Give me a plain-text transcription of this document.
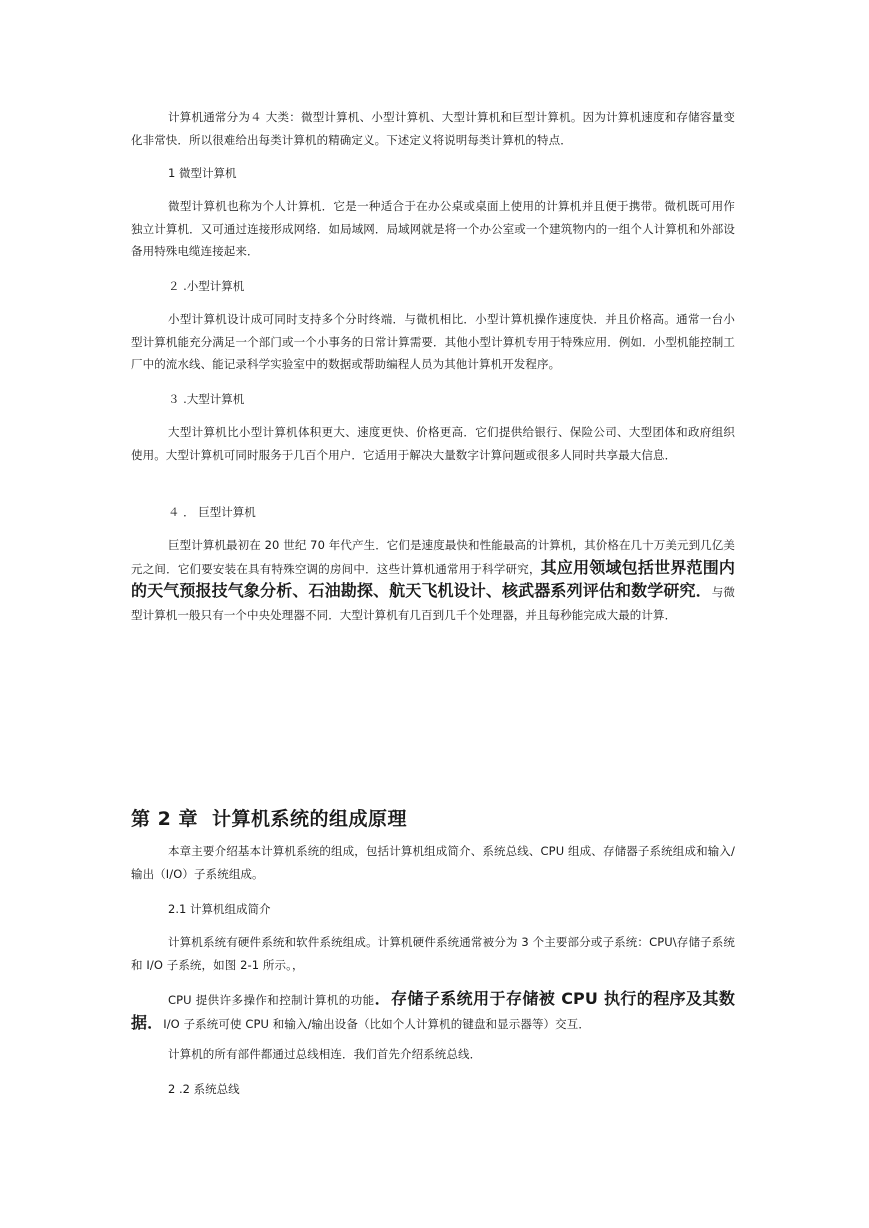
计算机通常分为４ 大类：微型计算机、小型计算机、大型计算机和巨型计算机。因为计算机速度和存储容量变化非常快．所以很难给出每类计算机的精确定义。下述定义将说明每类计算机的特点．

1 微型计算机

微型计算机也称为个人计算机．它是一种适合于在办公桌或桌面上使用的计算机并且便于携带。微机既可用作独立计算机．又可通过连接形成网络．如局域网．局域网就是将一个办公室或一个建筑物内的一组个人计算机和外部设备用特殊电缆连接起来．

２ .小型计算机

小型计算机设计成可同时支持多个分时终端．与微机相比．小型计算机操作速度快．并且价格高。通常一台小型计算机能充分满足一个部门或一个小事务的日常计算需要．其他小型计算机专用于特殊应用．例如．小型机能控制工厂中的流水线、能记录科学实验室中的数据或帮助编程人员为其他计算机开发程序。

３ .大型计算机

大型计算机比小型计算机体积更大、速度更快、价格更高．它们提供给银行、保险公司、大型团体和政府组织使用。大型计算机可同时服务于几百个用户．它适用于解决大量数字计算问题或很多人同时共享最大信息．

４ ． 巨型计算机

巨型计算机最初在 20 世纪 70 年代产生．它们是速度最快和性能最高的计算机，其价格在几十万美元到几亿美元之间．它们要安装在具有特殊空调的房间中．这些计算机通常用于科学研究，其应用领域包括世界范围内的天气预报技气象分析、石油勘探、航天飞机设计、核武器系列评估和数学研究．与微型计算机一般只有一个中央处理器不同．大型计算机有几百到几千个处理器，并且每秒能完成大最的计算．

第 2 章 计算机系统的组成原理

本章主要介绍基本计算机系统的组成，包括计算机组成简介、系统总线、CPU 组成、存储器子系统组成和输入/输出（I/O）子系统组成。

2.1 计算机组成简介

计算机系统有硬件系统和软件系统组成。计算机硬件系统通常被分为 3 个主要部分或子系统：CPU\存储子系统和 I/O 子系统，如图 2-1 所示。，

CPU 提供许多操作和控制计算机的功能．存储子系统用于存储被 CPU 执行的程序及其数据．I/O 子系统可使 CPU 和输入/输出设备（比如个人计算机的键盘和显示器等）交互．

计算机的所有部件都通过总线相连．我们首先介绍系统总线．

2 .2 系统总线
